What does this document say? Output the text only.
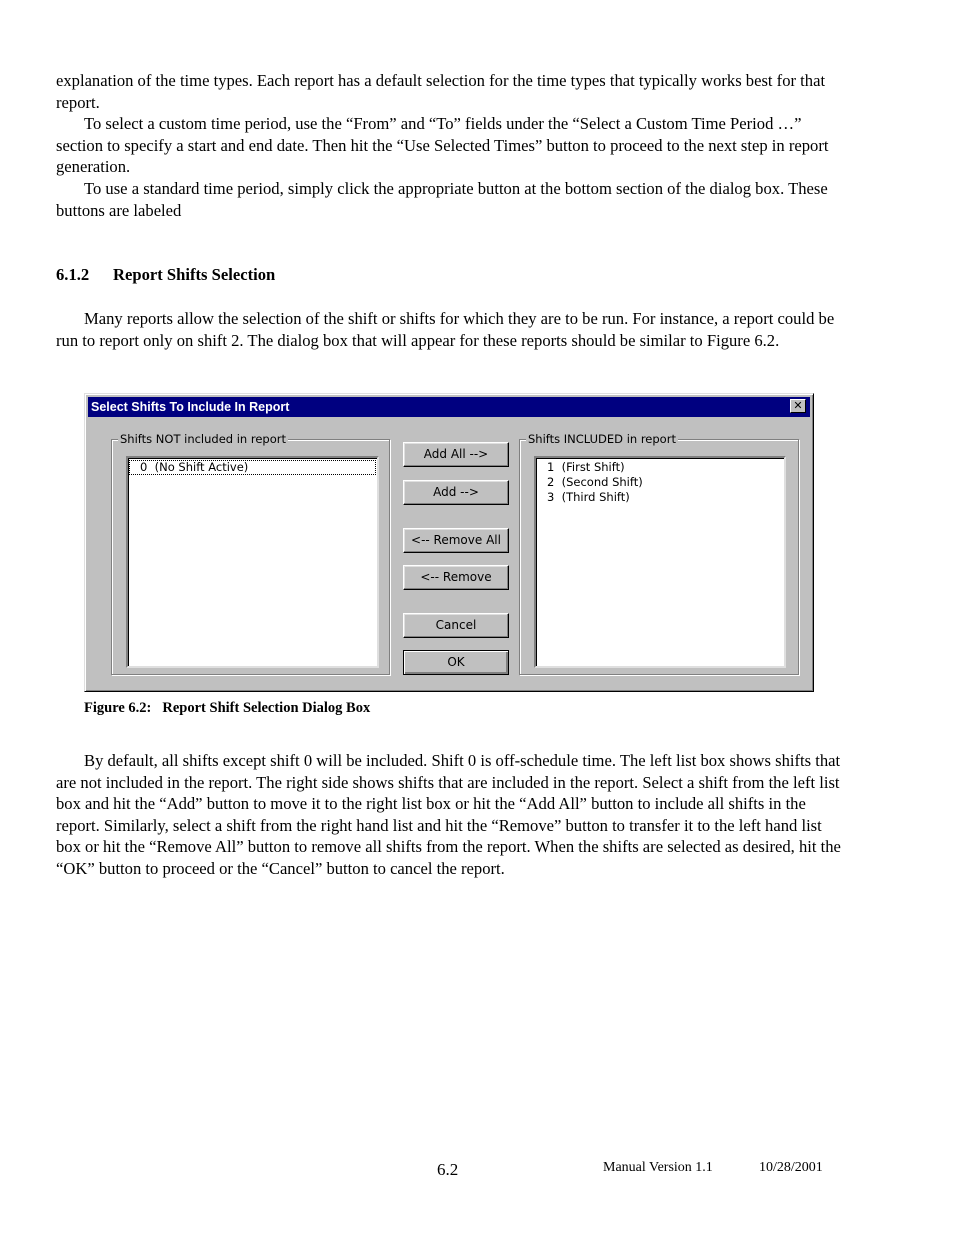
explanation of the time types. Each report has a default selection for the time types that typically works best for that report.

To select a custom time period, use the “From” and “To” fields under the “Select a Custom Time Period …” section to specify a start and end date. Then hit the “Use Selected Times” button to proceed to the next step in report generation.

To use a standard time period, simply click the appropriate button at the bottom section of the dialog box. These buttons are labeled

6.1.2 Report Shifts Selection

Many reports allow the selection of the shift or shifts for which they are to be run. For instance, a report could be run to report only on shift 2. The dialog box that will appear for these reports should be similar to Figure 6.2.

Select Shifts To Include In Report	✕
Shifts NOT included in report
0  (No Shift Active)
Add All -->
Add -->
<-- Remove All
<-- Remove
Cancel
OK
Shifts INCLUDED in report
1  (First Shift)
2  (Second Shift)
3  (Third Shift)

Figure 6.2: Report Shift Selection Dialog Box

By default, all shifts except shift 0 will be included. Shift 0 is off-schedule time. The left list box shows shifts that are not included in the report. The right side shows shifts that are included in the report. Select a shift from the left list box and hit the “Add” button to move it to the right list box or hit the “Add All” button to include all shifts in the report. Similarly, select a shift from the right hand list and hit the “Remove” button to transfer it to the left hand list box or hit the “Remove All” button to remove all shifts from the report. When the shifts are selected as desired, hit the “OK” button to proceed or the “Cancel” button to cancel the report.

6.2	Manual Version 1.1	10/28/2001
